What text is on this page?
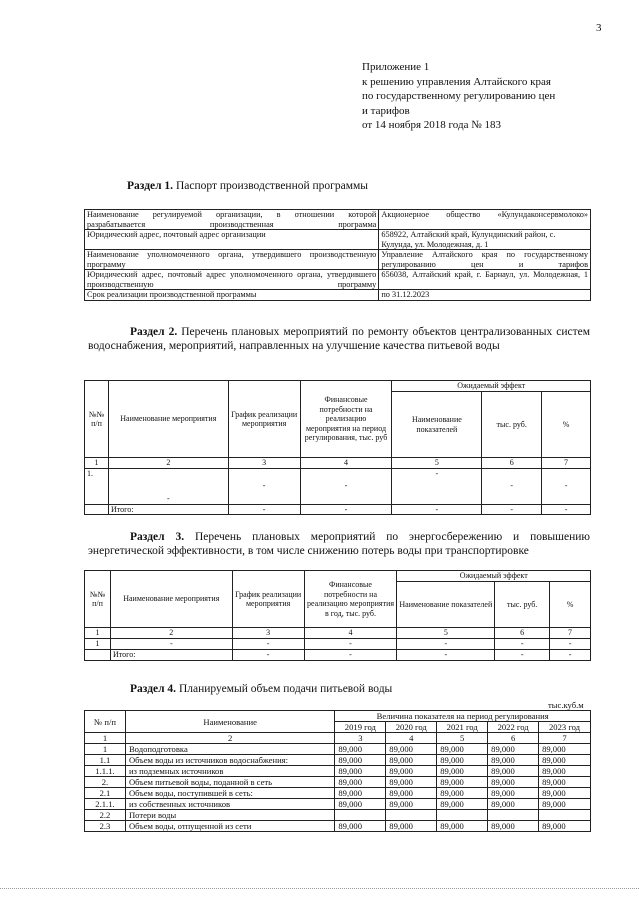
3
Приложение 1
к решению управления Алтайского края
по государственному регулированию цен
и тарифов
от 14 ноября 2018 года № 183
Раздел 1. Паспорт производственной программы
Наименование регулируемой организации, в отношении которой разрабатывается производственная программа	Акционерное общество «Кулундаконсервмолоко»
Юридический адрес, почтовый адрес организации	658922, Алтайский край, Кулундинский район, с. Кулунда, ул. Молодежная, д. 1
Наименование уполномоченного органа, утвердившего производственную программу	Управление Алтайского края по государственному регулированию цен и тарифов
Юридический адрес, почтовый адрес уполномоченного органа, утвердившего производственную программу	656038, Алтайский край, г. Барнаул, ул. Молодежная, 1
Срок реализации производственной программы	по 31.12.2023
Раздел 2. Перечень плановых мероприятий по ремонту объектов централизованных систем водоснабжения, мероприятий, направленных на улучшение качества питьевой воды
№№ п/п	Наименование мероприятия	График реализации мероприятия	Финансовые потребности на реализацию мероприятия на период регулирования, тыс. руб	Ожидаемый эффект		
				Наименование показателей	тыс. руб.	%
1	2	3	4	5	6	7
1.	-	-	-	-	-	-
	Итого:	-	-	-	-	-
Раздел 3. Перечень плановых мероприятий по энергосбережению и повышению энергетической эффективности, в том числе снижению потерь воды при транспортировке
№№ п/п	Наименование мероприятия	График реализации мероприятия	Финансовые потребности на реализацию мероприятия в год, тыс. руб.	Ожидаемый эффект		
				Наименование показателей	тыс. руб.	%
1	2	3	4	5	6	7
1	-	-	-	-	-	-
	Итого:	-	-	-	-	-
Раздел 4. Планируемый объем подачи питьевой воды
тыс.куб.м
№ п/п	Наименование	Величина показателя на период регулирования				
		2019 год	2020 год	2021 год	2022 год	2023 год
1	2	3	4	5	6	7
1	Водоподготовка	89,000	89,000	89,000	89,000	89,000
1.1	Объем воды из источников водоснабжения:	89,000	89,000	89,000	89,000	89,000
1.1.1.	из подземных источников	89,000	89,000	89,000	89,000	89,000
2.	Объем питьевой воды, поданной в сеть	89,000	89,000	89,000	89,000	89,000
2.1	Объем воды, поступившей в сеть:	89,000	89,000	89,000	89,000	89,000
2.1.1.	из собственных источников	89,000	89,000	89,000	89,000	89,000
2.2	Потери воды					
2.3	Объем воды, отпущенной из сети	89,000	89,000	89,000	89,000	89,000
